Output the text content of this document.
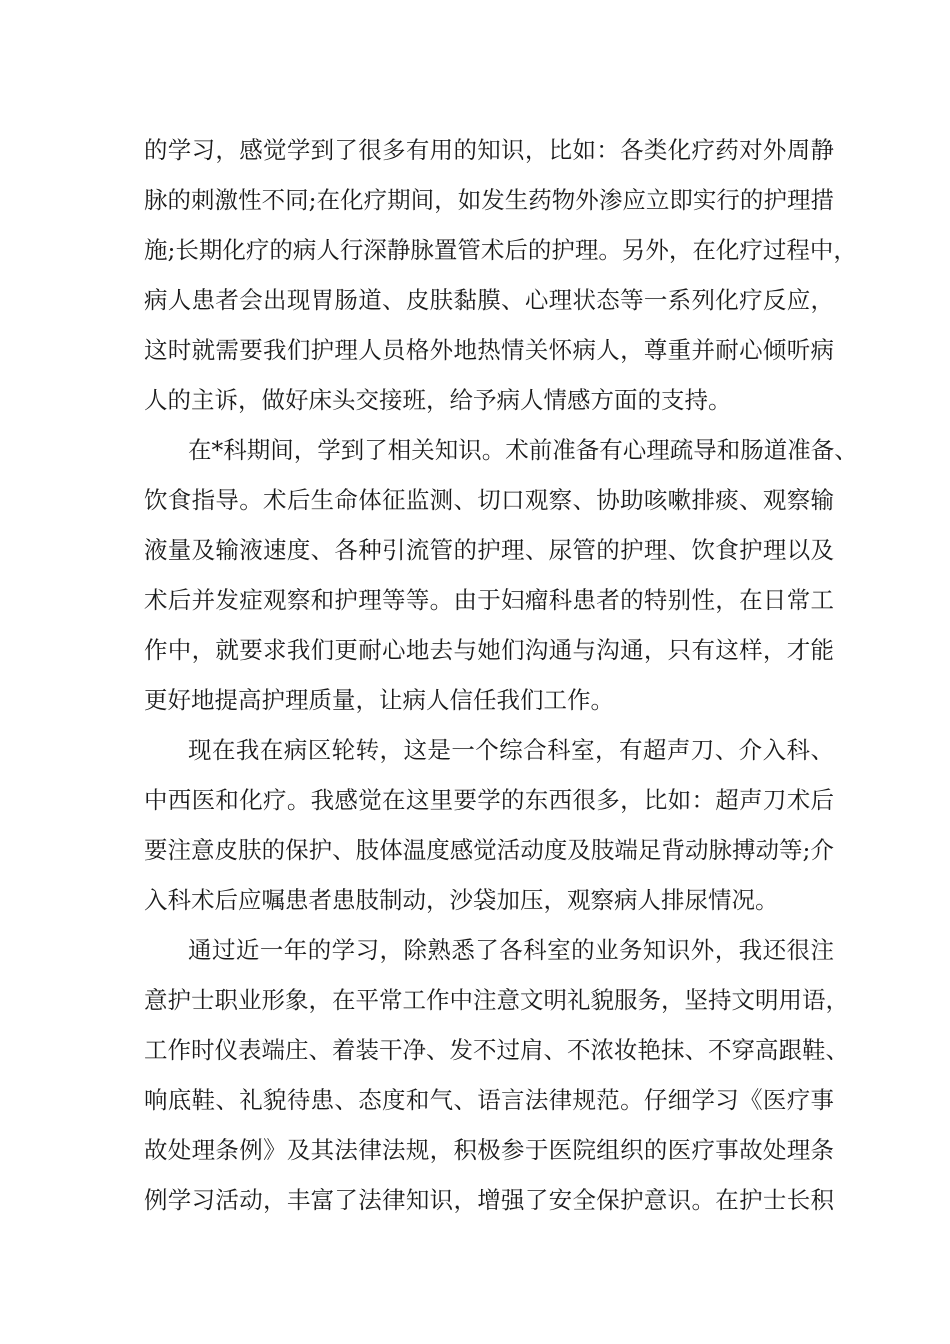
的学习，感觉学到了很多有用的知识，比如：各类化疗药对外周静
脉的刺激性不同;在化疗期间，如发生药物外渗应立即实行的护理措
施;长期化疗的病人行深静脉置管术后的护理。另外，在化疗过程中，
病人患者会出现胃肠道、皮肤黏膜、心理状态等一系列化疗反应，
这时就需要我们护理人员格外地热情关怀病人，尊重并耐心倾听病
人的主诉，做好床头交接班，给予病人情感方面的支持。
在*科期间，学到了相关知识。术前准备有心理疏导和肠道准备、
饮食指导。术后生命体征监测、切口观察、协助咳嗽排痰、观察输
液量及输液速度、各种引流管的护理、尿管的护理、饮食护理以及
术后并发症观察和护理等等。由于妇瘤科患者的特别性，在日常工
作中，就要求我们更耐心地去与她们沟通与沟通，只有这样，才能
更好地提高护理质量，让病人信任我们工作。
现在我在病区轮转，这是一个综合科室，有超声刀、介入科、
中西医和化疗。我感觉在这里要学的东西很多，比如：超声刀术后
要注意皮肤的保护、肢体温度感觉活动度及肢端足背动脉搏动等;介
入科术后应嘱患者患肢制动，沙袋加压，观察病人排尿情况。
通过近一年的学习，除熟悉了各科室的业务知识外，我还很注
意护士职业形象，在平常工作中注意文明礼貌服务，坚持文明用语，
工作时仪表端庄、着装干净、发不过肩、不浓妆艳抹、不穿高跟鞋、
响底鞋、礼貌待患、态度和气、语言法律规范。仔细学习《医疗事
故处理条例》及其法律法规，积极参于医院组织的医疗事故处理条
例学习活动，丰富了法律知识，增强了安全保护意识。在护士长积
